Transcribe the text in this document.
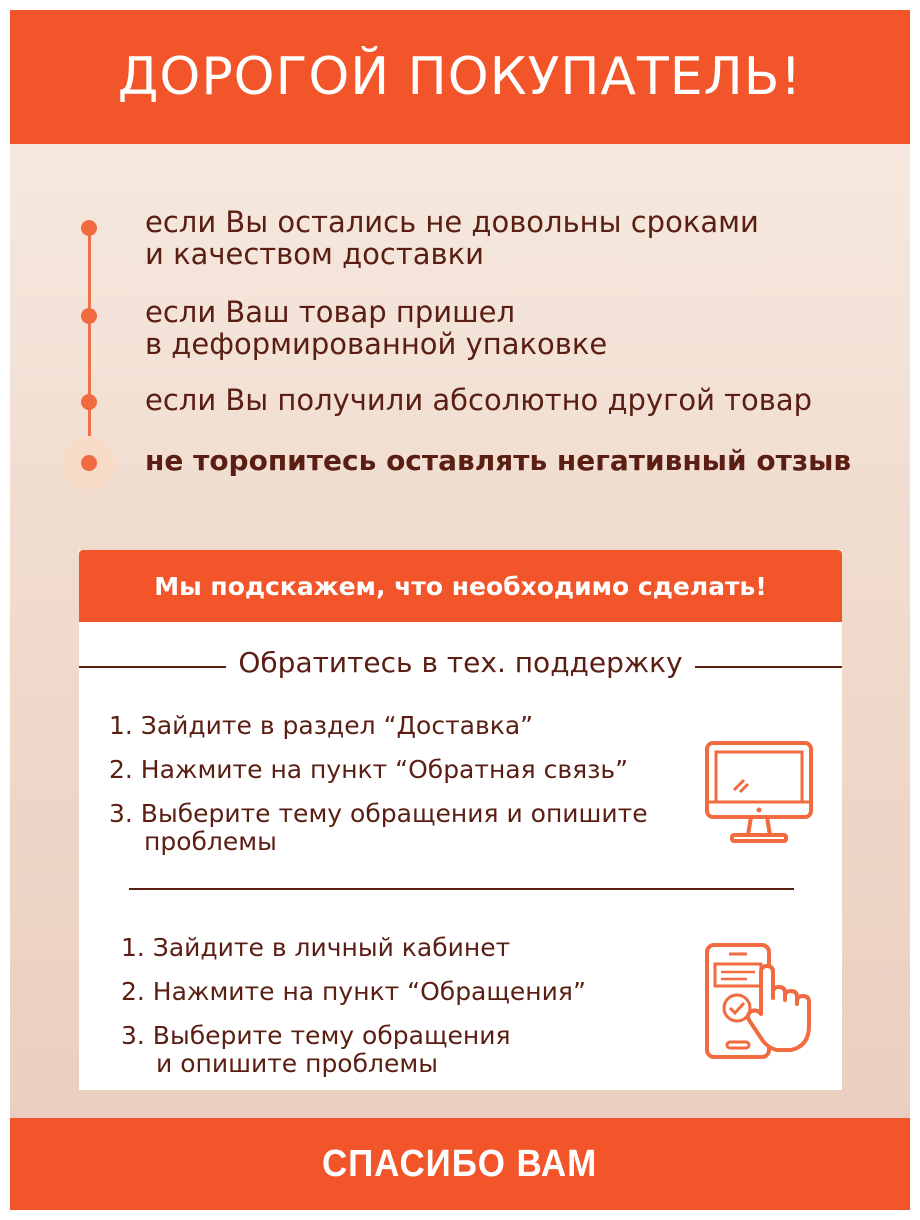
ДОРОГОЙ ПОКУПАТЕЛЬ!
если Вы остались не довольны сроками
и качеством доставки
если Ваш товар пришел
в деформированной упаковке
если Вы получили абсолютно другой товар
не торопитесь оставлять негативный отзыв
Мы подскажем, что необходимо сделать!
Обратитесь в тех. поддержку
1. Зайдите в раздел “Доставка”
2. Нажмите на пункт “Обратная связь”
3. Выберите тему обращения и опишите
проблемы
1. Зайдите в личный кабинет
2. Нажмите на пункт “Обращения”
3. Выберите тему обращения
и опишите проблемы
СПАСИБО ВАМ
